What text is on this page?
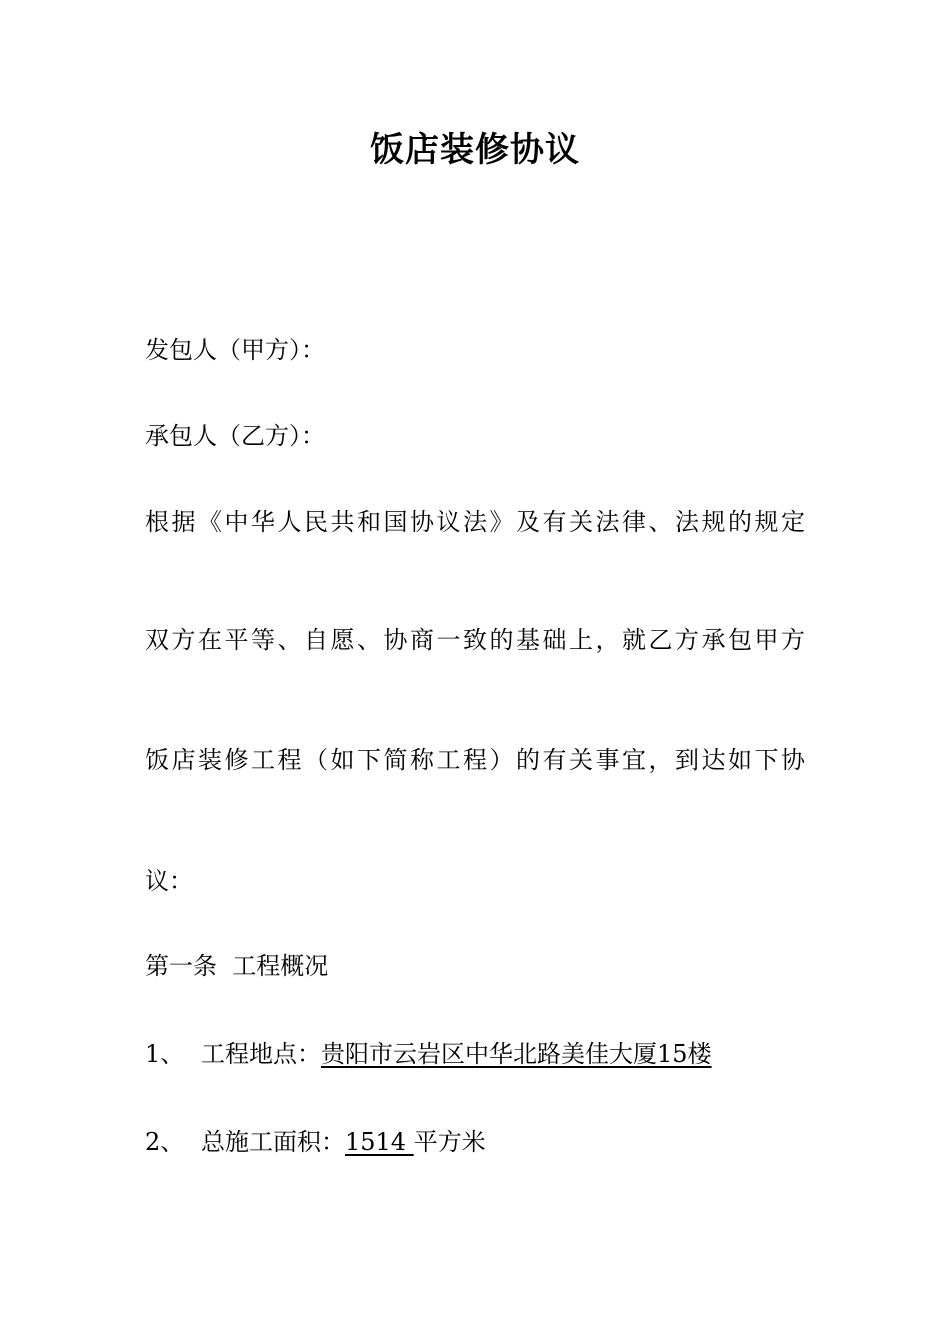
饭店装修协议
发包人（甲方）：
承包人（乙方）：
根据《中华人民共和国协议法》及有关法律、法规的规定
双方在平等、自愿、协商一致的基础上，就乙方承包甲方
饭店装修工程（如下简称工程）的有关事宜，到达如下协
议：
第一条  工程概况
1、 工程地点：贵阳市云岩区中华北路美佳大厦15楼
2、 总施工面积：1514 平方米
